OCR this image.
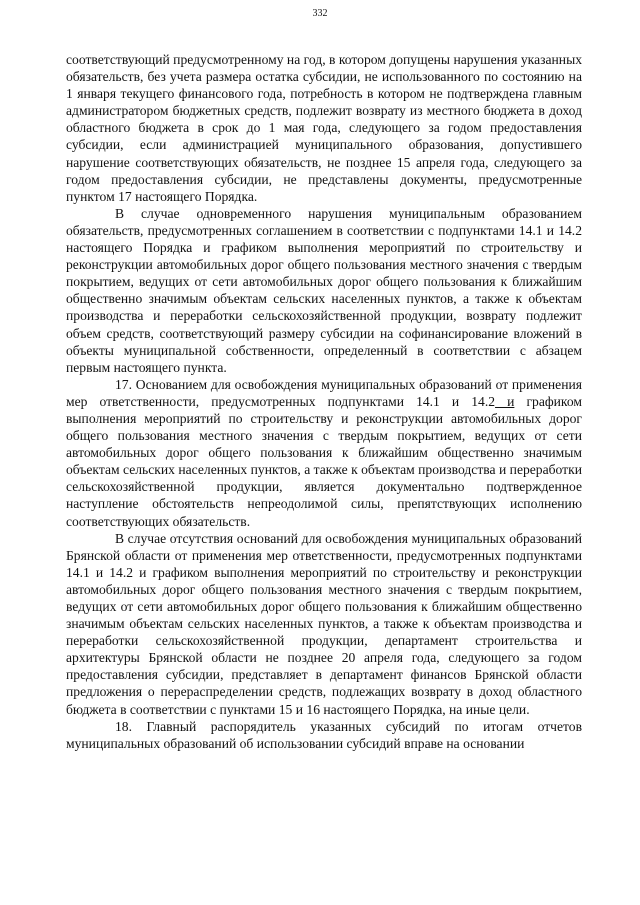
332

соответствующий предусмотренному на год, в котором допущены нарушения указанных обязательств, без учета размера остатка субсидии, не использованного по состоянию на 1 января текущего финансового года, потребность в котором не подтверждена главным администратором бюджетных средств, подлежит возврату из местного бюджета в доход областного бюджета в срок до 1 мая года, следующего за годом предоставления субсидии, если администрацией муниципального образования, допустившего нарушение соответствующих обязательств, не позднее 15 апреля года, следующего за годом предоставления субсидии, не представлены документы, предусмотренные пунктом 17 настоящего Порядка.

В случае одновременного нарушения муниципальным образованием обязательств, предусмотренных соглашением в соответствии с подпунктами 14.1 и 14.2 настоящего Порядка и графиком выполнения мероприятий по строительству и реконструкции автомобильных дорог общего пользования местного значения с твердым покрытием, ведущих от сети автомобильных дорог общего пользования к ближайшим общественно значимым объектам сельских населенных пунктов, а также к объектам производства и переработки сельскохозяйственной продукции, возврату подлежит объем средств, соответствующий размеру субсидии на софинансирование вложений в объекты муниципальной собственности, определенный в соответствии с абзацем первым настоящего пункта.

17. Основанием для освобождения муниципальных образований от применения мер ответственности, предусмотренных подпунктами 14.1 и 14.2 и графиком выполнения мероприятий по строительству и реконструкции автомобильных дорог общего пользования местного значения с твердым покрытием, ведущих от сети автомобильных дорог общего пользования к ближайшим общественно значимым объектам сельских населенных пунктов, а также к объектам производства и переработки сельскохозяйственной продукции, является документально подтвержденное наступление обстоятельств непреодолимой силы, препятствующих исполнению соответствующих обязательств.

В случае отсутствия оснований для освобождения муниципальных образований Брянской области от применения мер ответственности, предусмотренных подпунктами 14.1 и 14.2 и графиком выполнения мероприятий по строительству и реконструкции автомобильных дорог общего пользования местного значения с твердым покрытием, ведущих от сети автомобильных дорог общего пользования к ближайшим общественно значимым объектам сельских населенных пунктов, а также к объектам производства и переработки сельскохозяйственной продукции, департамент строительства и архитектуры Брянской области не позднее 20 апреля года, следующего за годом предоставления субсидии, представляет в департамент финансов Брянской области предложения о перераспределении средств, подлежащих возврату в доход областного бюджета в соответствии с пунктами 15 и 16 настоящего Порядка, на иные цели.

18. Главный распорядитель указанных субсидий по итогам отчетов муниципальных образований об использовании субсидий вправе на основании
